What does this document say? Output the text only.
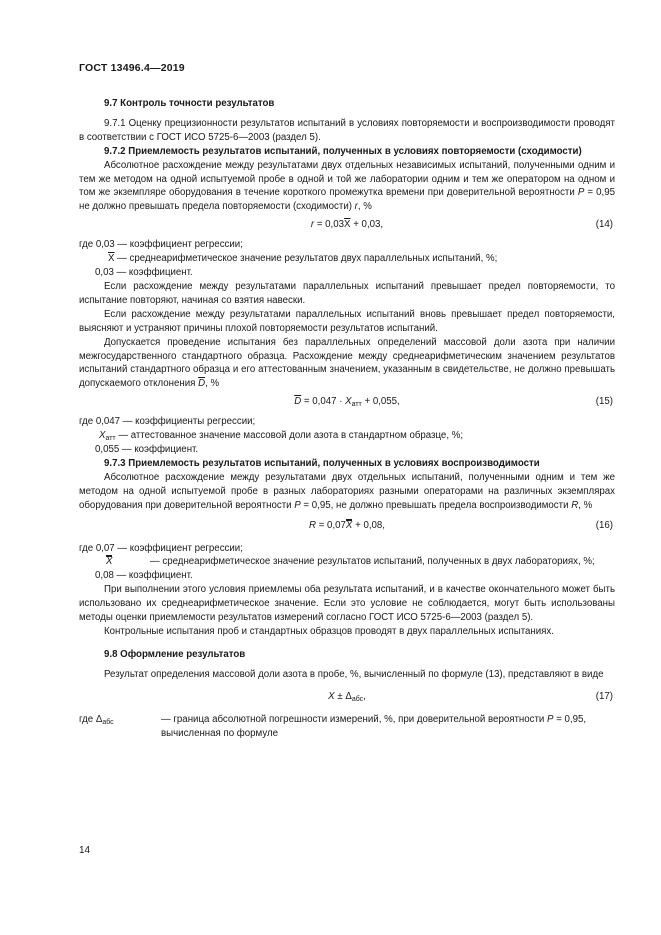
ГОСТ 13496.4—2019

9.7 Контроль точности результатов

9.7.1 Оценку прецизионности результатов испытаний в условиях повторяемости и воспроизводимости проводят в соответствии с ГОСТ ИСО 5725-6—2003 (раздел 5).

9.7.2 Приемлемость результатов испытаний, полученных в условиях повторяемости (сходимости)

Абсолютное расхождение между результатами двух отдельных независимых испытаний, полученными одним и тем же методом на одной испытуемой пробе в одной и той же лаборатории одним и тем же оператором на одном и том же экземпляре оборудования в течение короткого промежутка времени при доверительной вероятности P = 0,95 не должно превышать предела повторяемости (сходимости) r, %

$r = 0,03\overline{X} + 0,03$,	(14)

где 0,03 — коэффициент регрессии;

$\overline{X}$ — среднеарифметическое значение результатов двух параллельных испытаний, %;

0,03 — коэффициент.

Если расхождение между результатами параллельных испытаний превышает предел повторяемости, то испытание повторяют, начиная со взятия навески.

Если расхождение между результатами параллельных испытаний вновь превышает предел повторяемости, выясняют и устраняют причины плохой повторяемости результатов испытаний.

Допускается проведение испытания без параллельных определений массовой доли азота при наличии межгосударственного стандартного образца. Расхождение между среднеарифметическим значением результатов испытаний стандартного образца и его аттестованным значением, указанным в свидетельстве, не должно превышать допускаемого отклонения $\overline{D}$, %

$\overline{D} = 0,047 \cdot X_{атт} + 0,055$,	(15)

где 0,047 — коэффициенты регрессии;

$X_{атт}$ — аттестованное значение массовой доли азота в стандартном образце, %;

0,055 — коэффициент.

9.7.3 Приемлемость результатов испытаний, полученных в условиях воспроизводимости

Абсолютное расхождение между результатами двух отдельных испытаний, полученными одним и тем же методом на одной испытуемой пробе в разных лабораториях разными операторами на различных экземплярах оборудования при доверительной вероятности P = 0,95, не должно превышать предела воспроизводимости R, %

R = 0,07X + 0,08,	(16)

где 0,07 — коэффициент регрессии;

X	— среднеарифметическое значение результатов испытаний, полученных в двух лабораториях, %;

0,08 — коэффициент.

При выполнении этого условия приемлемы оба результата испытаний, и в качестве окончательного может быть использовано их среднеарифметическое значение. Если это условие не соблюдается, могут быть использованы методы оценки приемлемости результатов измерений согласно ГОСТ ИСО 5725-6—2003 (раздел 5).

Контрольные испытания проб и стандартных образцов проводят в двух параллельных испытаниях.

9.8 Оформление результатов

Результат определения массовой доли азота в пробе, %, вычисленный по формуле (13), представляют в виде

$X \pm \Delta_{абс}$,	(17)
где $\Delta_{абс}$	— граница абсолютной погрешности измерений, %, при доверительной вероятности P = 0,95, вычисленная по формуле
14
